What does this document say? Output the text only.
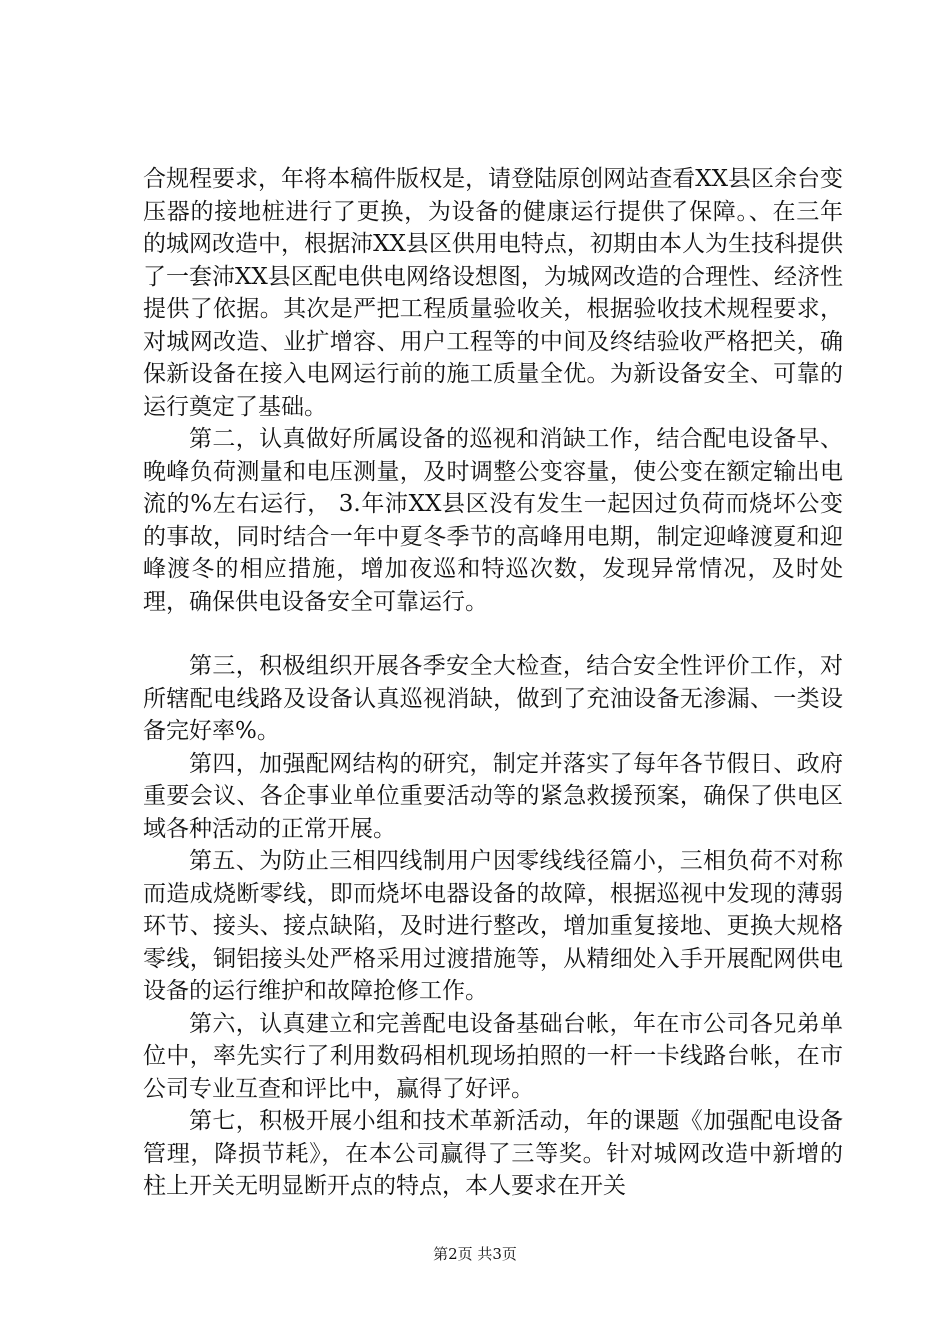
合规程要求，年将本稿件版权是，请登陆原创网站查看XX县区余台变压器的接地桩进行了更换，为设备的健康运行提供了保障。、在三年的城网改造中，根据沛XX县区供用电特点，初期由本人为生技科提供了一套沛XX县区配电供电网络设想图，为城网改造的合理性、经济性提供了依据。其次是严把工程质量验收关，根据验收技术规程要求，对城网改造、业扩增容、用户工程等的中间及终结验收严格把关，确保新设备在接入电网运行前的施工质量全优。为新设备安全、可靠的运行奠定了基础。

第二，认真做好所属设备的巡视和消缺工作，结合配电设备早、晚峰负荷测量和电压测量，及时调整公变容量，使公变在额定输出电流的%左右运行， 3.年沛XX县区没有发生一起因过负荷而烧坏公变的事故，同时结合一年中夏冬季节的高峰用电期，制定迎峰渡夏和迎峰渡冬的相应措施，增加夜巡和特巡次数，发现异常情况，及时处理，确保供电设备安全可靠运行。

第三，积极组织开展各季安全大检查，结合安全性评价工作，对所辖配电线路及设备认真巡视消缺，做到了充油设备无渗漏、一类设备完好率%。

第四，加强配网结构的研究，制定并落实了每年各节假日、政府重要会议、各企事业单位重要活动等的紧急救援预案，确保了供电区域各种活动的正常开展。

第五、为防止三相四线制用户因零线线径篇小，三相负荷不对称而造成烧断零线，即而烧坏电器设备的故障，根据巡视中发现的薄弱环节、接头、接点缺陷，及时进行整改，增加重复接地、更换大规格零线，铜铝接头处严格采用过渡措施等，从精细处入手开展配网供电设备的运行维护和故障抢修工作。

第六，认真建立和完善配电设备基础台帐，年在市公司各兄弟单位中，率先实行了利用数码相机现场拍照的一杆一卡线路台帐，在市公司专业互查和评比中，赢得了好评。

第七，积极开展小组和技术革新活动，年的课题《加强配电设备管理，降损节耗》，在本公司赢得了三等奖。针对城网改造中新增的柱上开关无明显断开点的特点，本人要求在开关

第2页 共3页
